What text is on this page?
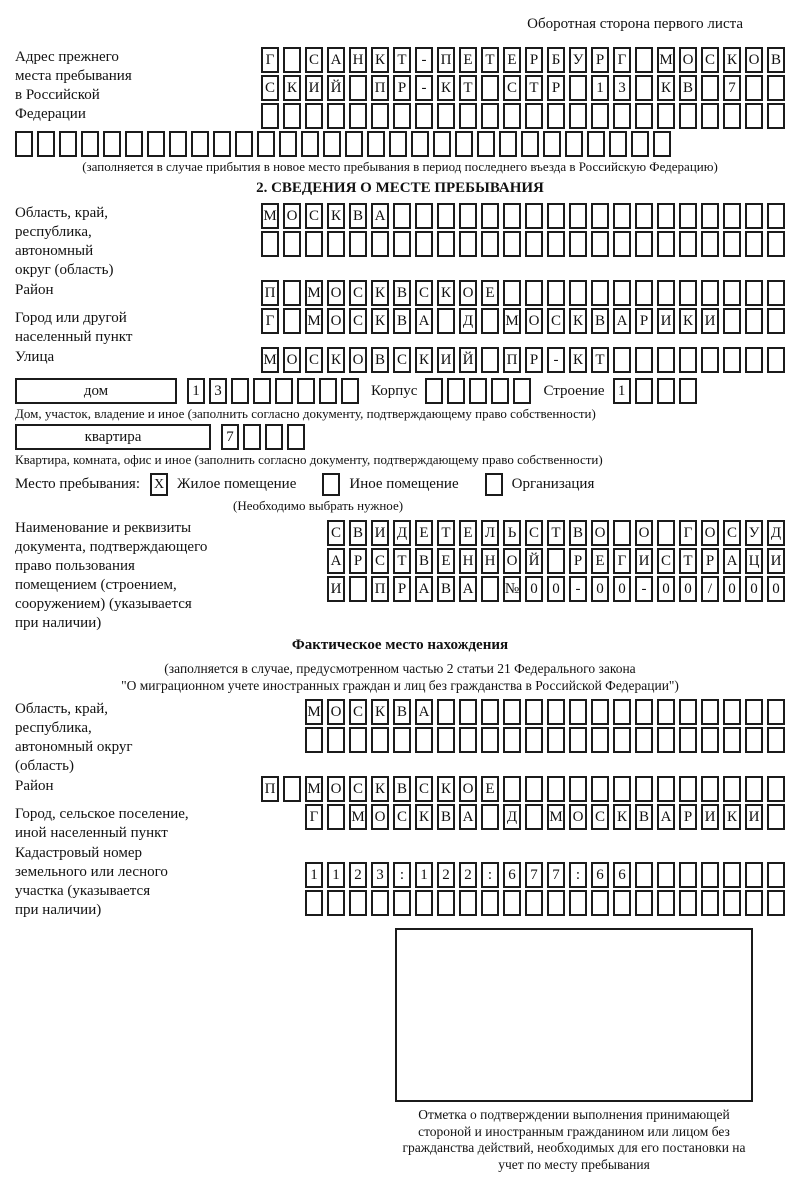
Оборотная сторона первого листа
Адрес прежнего
места пребывания
в Российской
Федерации
Г	С А Н К Т - П Е Т Е Р Б У Р Г	М О С К О В
С К И Й П Р	- К Т С Т Р	1 3	К В	7
(заполняется в случае прибытия в новое место пребывания в период последнего въезда в Российскую Федерацию)
2. СВЕДЕНИЯ О МЕСТЕ ПРЕБЫВАНИЯ
Область, край,
республика,
автономный
округ (область)
М О С К В А
Район	П М О С К В С К О Е
Город или другой
населенный пункт
Г	М О С К В А Д М О С К В А Р И К И
Улица	М О С К О В С К И Й П Р	- К Т
дом	1 3	Корпус	Строение 1
Дом, участок, владение и иное (заполнить согласно документу, подтверждающему право собственности)
квартира	7
Квартира, комната, офис и иное (заполнить согласно документу, подтверждающему право собственности)
Место пребывания: X Жилое помещение	Иное помещение	Организация
(Необходимо выбрать нужное)
Наименование и реквизиты
документа, подтверждающего
право пользования
помещением (строением,
сооружением) (указывается
при наличии)
С В И Д Е Т Е Л Ь С Т В О О	Г О С У Д
А Р С Т В Е Н Н О Й	Р Е Г И С Т Р А Ц И
И П Р А В А № 0 0	-	0 0	-	0 0	/	0 0 0
Фактическое место нахождения
(заполняется в случае, предусмотренном частью 2 статьи 21 Федерального закона
"О миграционном учете иностранных граждан и лиц без гражданства в Российской Федерации")
Область, край,
республика,
автономный округ
(область)
М О С К В А
Район	П М О С К В С К О Е
Город, сельское поселение,
иной населенный пункт
Г	М О С К В А Д М О С К В А Р И К И
Кадастровый номер
земельного или лесного
участка (указывается
при наличии)
1 1 2 3	:	1 2 2	:	6 7 7	:	6 6
Отметка о подтверждении выполнения принимающей стороной и иностранным гражданином или лицом без гражданства действий, необходимых для его постановки на учет по месту пребывания
